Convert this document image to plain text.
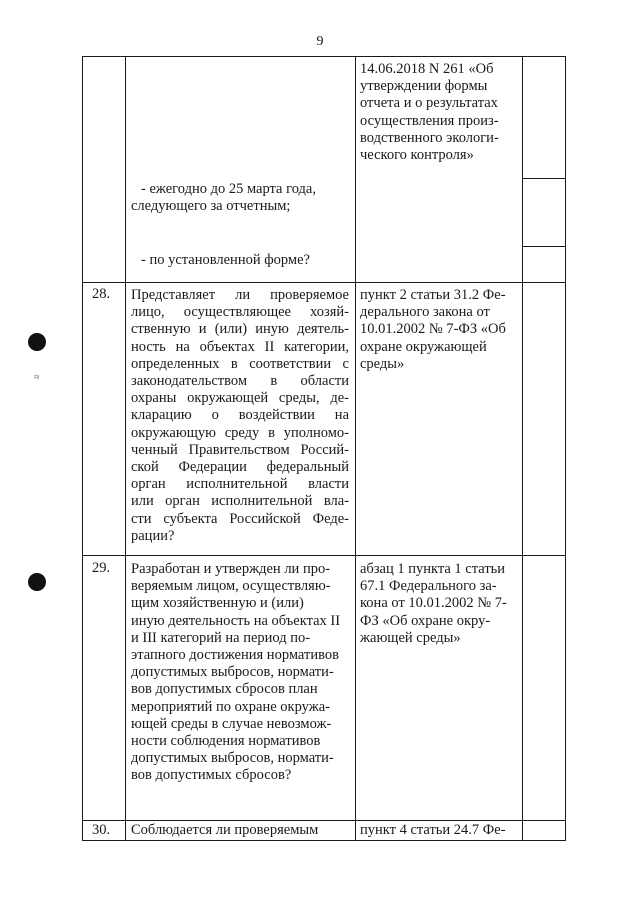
9
≈
14.06.2018 N 261 «Об
утверждении формы
отчета и о результатах
осуществления произ-
водственного экологи-
ческого контроля»
- ежегодно до 25 марта года,
следующего за отчетным;
- по установленной форме?
28. Представляет ли проверяемое
лицо, осуществляющее хозяй-
ственную и (или) иную деятель-
ность на объектах II категории,
определенных в соответствии с
законодательством в области
охраны окружающей среды, де-
кларацию о воздействии на
окружающую среду в уполномо-
ченный Правительством Россий-
ской Федерации федеральный
орган исполнительной власти
или орган исполнительной вла-
сти субъекта Российской Феде-
рации?
пункт 2 статьи 31.2 Фе-
дерального закона от
10.01.2002 № 7-ФЗ «Об
охране окружающей
среды»
29. Разработан и утвержден ли про-
веряемым лицом, осуществляю-
щим хозяйственную и (или)
иную деятельность на объектах II
и III категорий на период по-
этапного достижения нормативов
допустимых выбросов, нормати-
вов допустимых сбросов план
мероприятий по охране окружа-
ющей среды в случае невозмож-
ности соблюдения нормативов
допустимых выбросов, нормати-
вов допустимых сбросов?
абзац 1 пункта 1 статьи
67.1 Федерального за-
кона от 10.01.2002 № 7-
ФЗ «Об охране окру-
жающей среды»
30. Соблюдается ли проверяемым	пункт 4 статьи 24.7 Фе-
